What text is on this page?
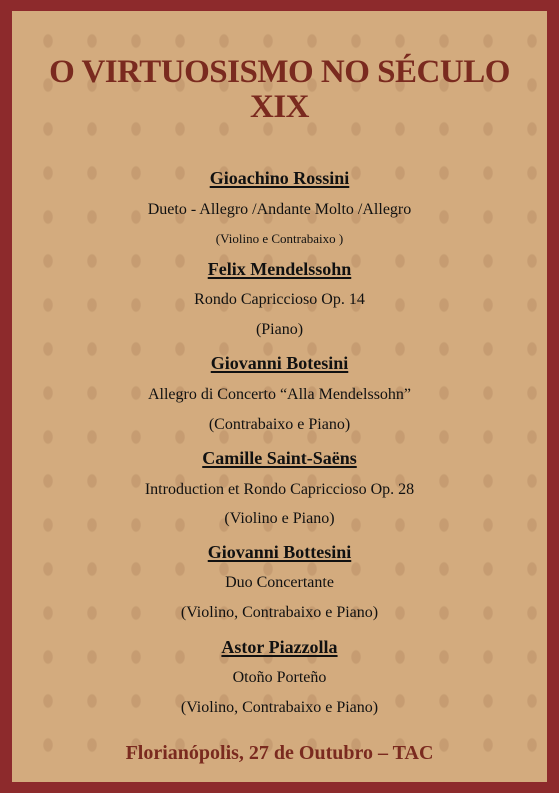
O VIRTUOSISMO NO SÉCULO
XIX
Gioachino Rossini
Dueto - Allegro /Andante Molto /Allegro
(Violino e Contrabaixo )
Felix Mendelssohn
Rondo Capriccioso Op. 14
(Piano)
Giovanni Botesini
Allegro di Concerto “Alla Mendelssohn”
(Contrabaixo e Piano)
Camille Saint-Saëns
Introduction et Rondo Capriccioso Op. 28
(Violino e Piano)
Giovanni Bottesini
Duo Concertante
(Violino, Contrabaixo e Piano)
Astor Piazzolla
Otoño Porteño
(Violino, Contrabaixo e Piano)
Florianópolis, 27 de Outubro – TAC
